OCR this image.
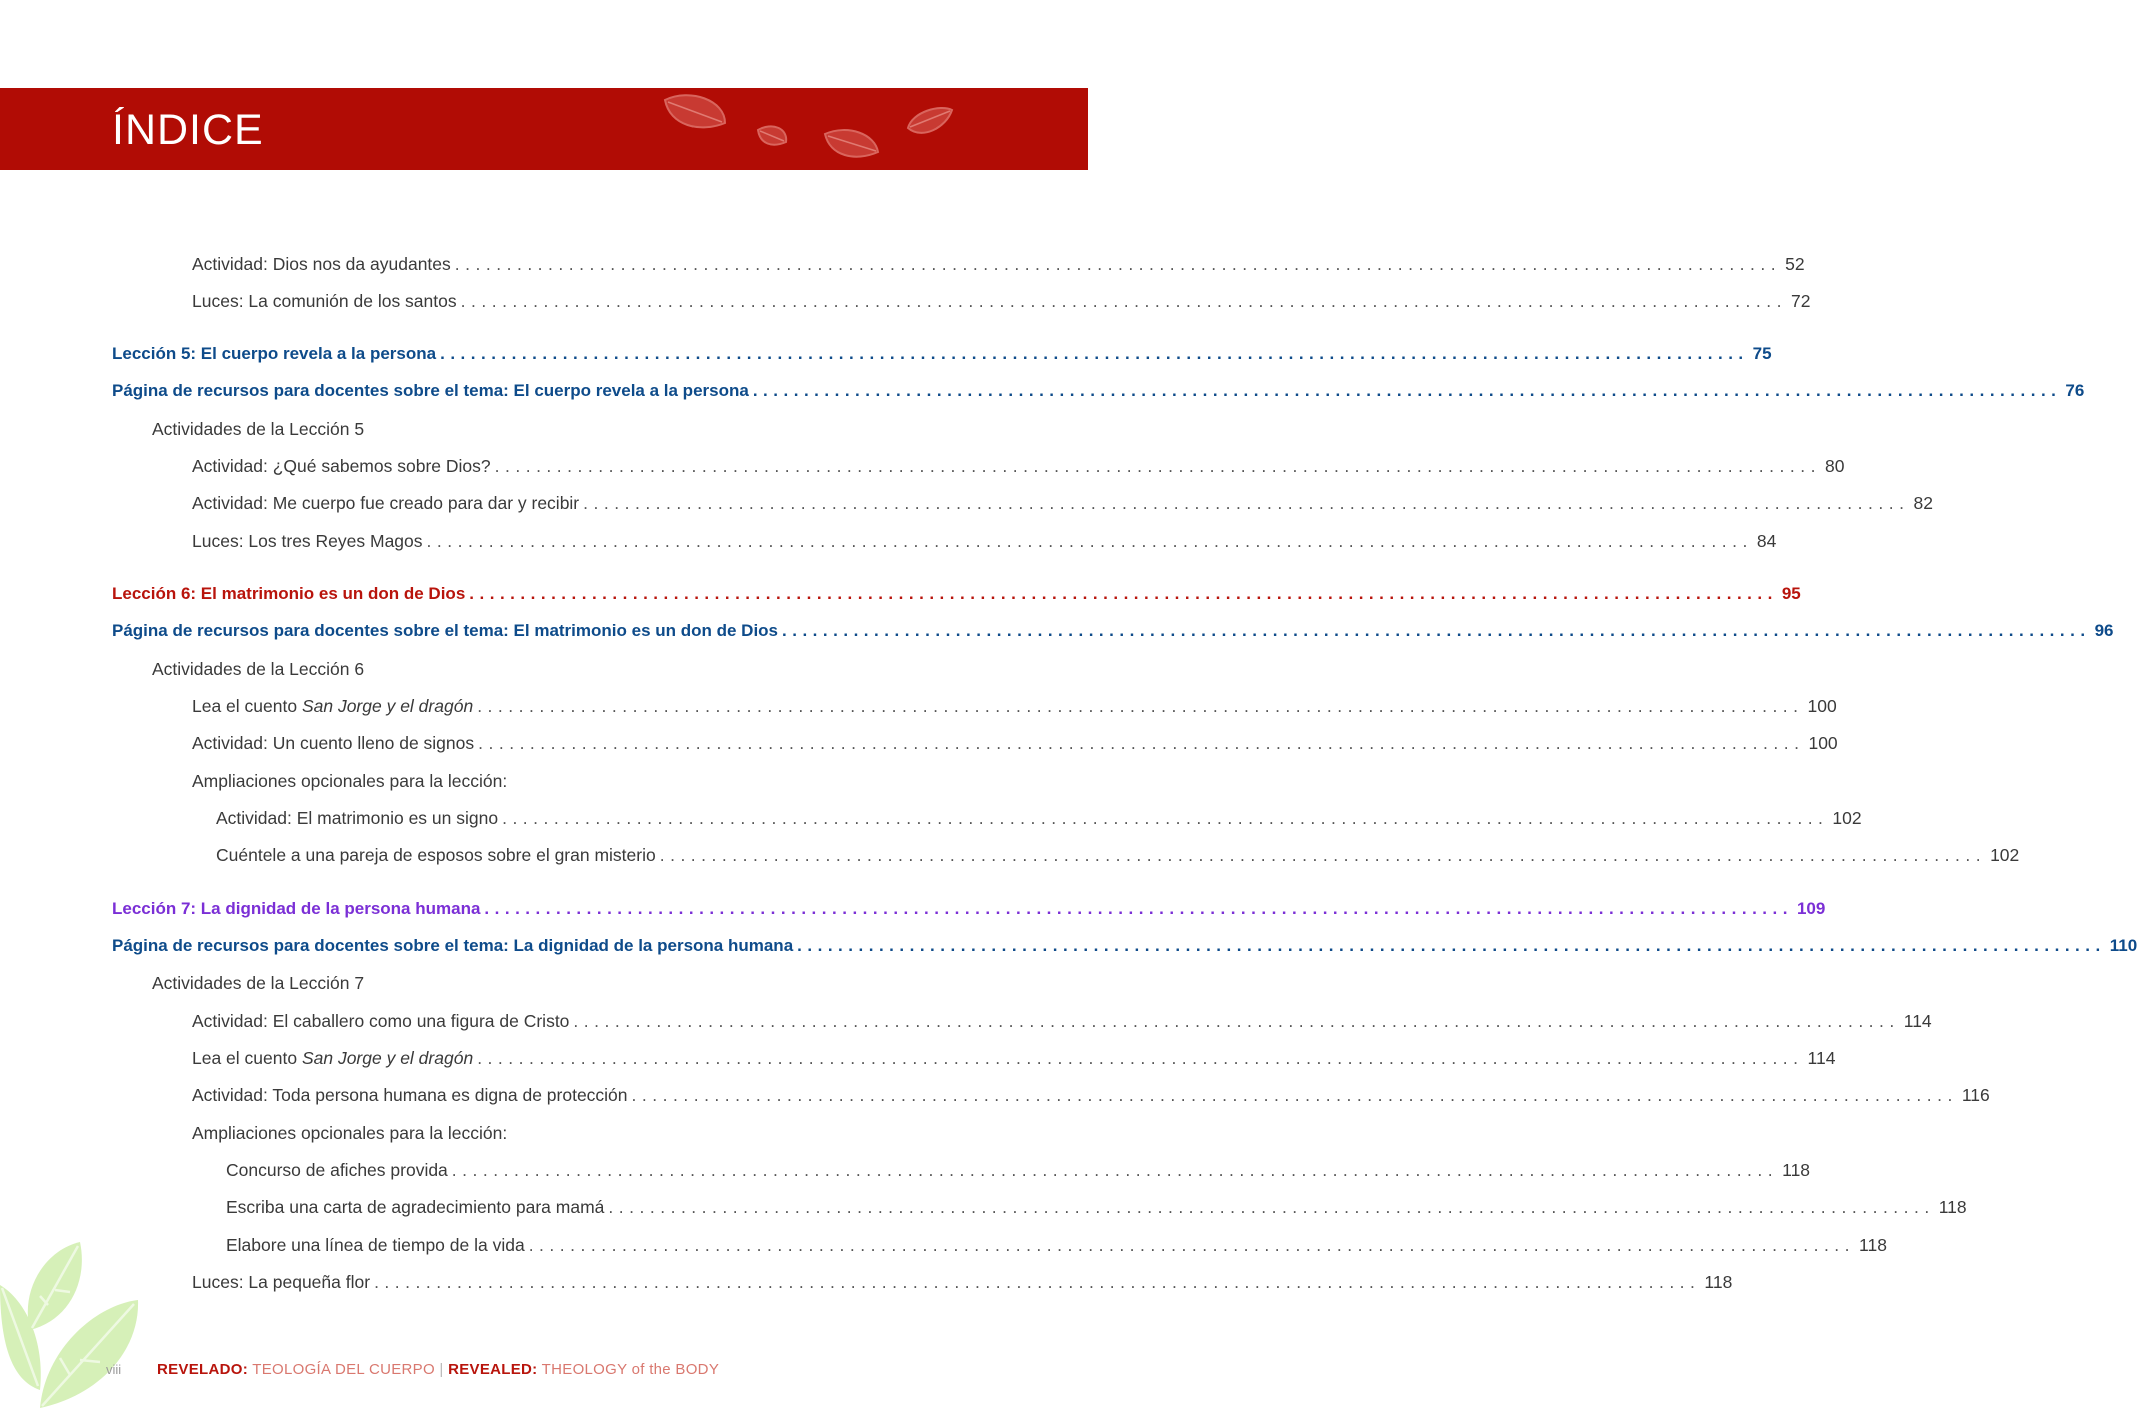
ÍNDICE
Actividad: Dios nos da ayudantes ................................................................................................................................ 52
Luces: La comunión de los santos ................................................................................................................................ 72
Lección 5: El cuerpo revela a la persona ................................................................................................................................ 75
Página de recursos para docentes sobre el tema: El cuerpo revela a la persona ................................................................................................................................ 76
Actividades de la Lección 5
Actividad: ¿Qué sabemos sobre Dios? ................................................................................................................................ 80
Actividad: Me cuerpo fue creado para dar y recibir ................................................................................................................................ 82
Luces: Los tres Reyes Magos ................................................................................................................................ 84
Lección 6: El matrimonio es un don de Dios ................................................................................................................................ 95
Página de recursos para docentes sobre el tema: El matrimonio es un don de Dios ................................................................................................................................ 96
Actividades de la Lección 6
Lea el cuento San Jorge y el dragón ................................................................................................................................ 100
Actividad: Un cuento lleno de signos ................................................................................................................................ 100
Ampliaciones opcionales para la lección:
Actividad: El matrimonio es un signo ................................................................................................................................ 102
Cuéntele a una pareja de esposos sobre el gran misterio ................................................................................................................................ 102
Lección 7: La dignidad de la persona humana ................................................................................................................................ 109
Página de recursos para docentes sobre el tema: La dignidad de la persona humana ................................................................................................................................ 110
Actividades de la Lección 7
Actividad: El caballero como una figura de Cristo ................................................................................................................................ 114
Lea el cuento San Jorge y el dragón ................................................................................................................................ 114
Actividad: Toda persona humana es digna de protección ................................................................................................................................ 116
Ampliaciones opcionales para la lección:
Concurso de afiches provida ................................................................................................................................ 118
Escriba una carta de agradecimiento para mamá ................................................................................................................................ 118
Elabore una línea de tiempo de la vida ................................................................................................................................ 118
Luces: La pequeña flor ................................................................................................................................ 118
viii REVELADO: TEOLOGÍA DEL CUERPO | REVEALED: THEOLOGY of the BODY
